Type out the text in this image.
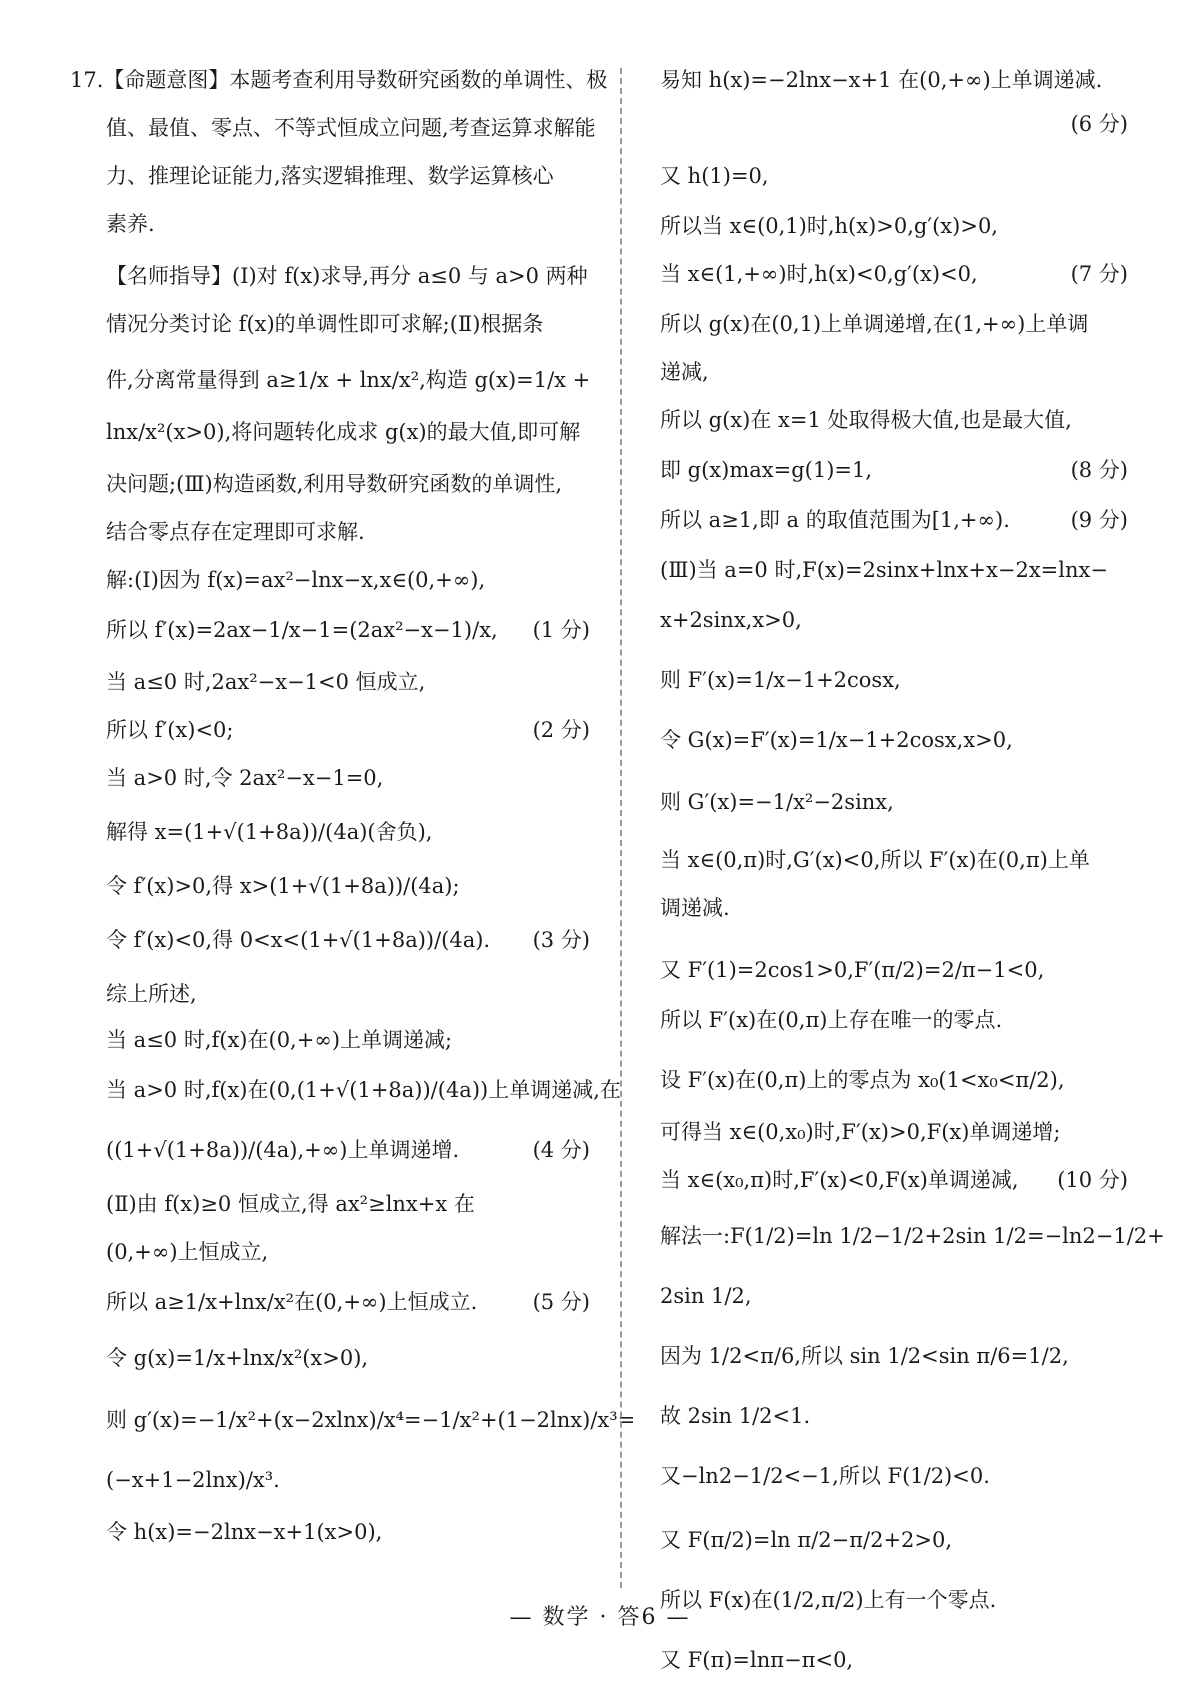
17.【命题意图】本题考查利用导数研究函数的单调性、极
值、最值、零点、不等式恒成立问题,考查运算求解能
力、推理论证能力,落实逻辑推理、数学运算核心
素养.
【名师指导】(Ⅰ)对 f(x)求导,再分 a≤0 与 a>0 两种
情况分类讨论 f(x)的单调性即可求解;(Ⅱ)根据条
件,分离常量得到 a≥1/x + lnx/x²,构造 g(x)=1/x +
lnx/x²(x>0),将问题转化成求 g(x)的最大值,即可解
决问题;(Ⅲ)构造函数,利用导数研究函数的单调性,
结合零点存在定理即可求解.
解:(Ⅰ)因为 f(x)=ax²−lnx−x,x∈(0,+∞),
所以 f′(x)=2ax−1/x−1=(2ax²−x−1)/x, (1 分)
当 a≤0 时,2ax²−x−1<0 恒成立,
所以 f′(x)<0;	(2 分)
当 a>0 时,令 2ax²−x−1=0,
解得 x=(1+√(1+8a))/(4a)(舍负),
令 f′(x)>0,得 x>(1+√(1+8a))/(4a);
令 f′(x)<0,得 0<x<(1+√(1+8a))/(4a). (3 分)
综上所述,
当 a≤0 时,f(x)在(0,+∞)上单调递减;
当 a>0 时,f(x)在(0,(1+√(1+8a))/(4a))上单调递减,在
((1+√(1+8a))/(4a),+∞)上单调递增.	(4 分)
(Ⅱ)由 f(x)≥0 恒成立,得 ax²≥lnx+x 在
(0,+∞)上恒成立,
所以 a≥1/x+lnx/x²在(0,+∞)上恒成立.	(5 分)
令 g(x)=1/x+lnx/x²(x>0),
则 g′(x)=−1/x²+(x−2xlnx)/x⁴=−1/x²+(1−2lnx)/x³=
(−x+1−2lnx)/x³.
令 h(x)=−2lnx−x+1(x>0),
易知 h(x)=−2lnx−x+1 在(0,+∞)上单调递减.
(6 分)
又 h(1)=0,
所以当 x∈(0,1)时,h(x)>0,g′(x)>0,
当 x∈(1,+∞)时,h(x)<0,g′(x)<0,	(7 分)
所以 g(x)在(0,1)上单调递增,在(1,+∞)上单调
递减,
所以 g(x)在 x=1 处取得极大值,也是最大值,
即 g(x)max=g(1)=1,	(8 分)
所以 a≥1,即 a 的取值范围为[1,+∞).	(9 分)
(Ⅲ)当 a=0 时,F(x)=2sinx+lnx+x−2x=lnx−
x+2sinx,x>0,
则 F′(x)=1/x−1+2cosx,
令 G(x)=F′(x)=1/x−1+2cosx,x>0,
则 G′(x)=−1/x²−2sinx,
当 x∈(0,π)时,G′(x)<0,所以 F′(x)在(0,π)上单
调递减.
又 F′(1)=2cos1>0,F′(π/2)=2/π−1<0,
所以 F′(x)在(0,π)上存在唯一的零点.
设 F′(x)在(0,π)上的零点为 x₀(1<x₀<π/2),
可得当 x∈(0,x₀)时,F′(x)>0,F(x)单调递增;
当 x∈(x₀,π)时,F′(x)<0,F(x)单调递减, (10 分)
解法一:F(1/2)=ln 1/2−1/2+2sin 1/2=−ln2−1/2+
2sin 1/2,
因为 1/2<π/6,所以 sin 1/2<sin π/6=1/2,
故 2sin 1/2<1.
又−ln2−1/2<−1,所以 F(1/2)<0.
又 F(π/2)=ln π/2−π/2+2>0,
所以 F(x)在(1/2,π/2)上有一个零点.
又 F(π)=lnπ−π<0,
— 数学 · 答6 —
